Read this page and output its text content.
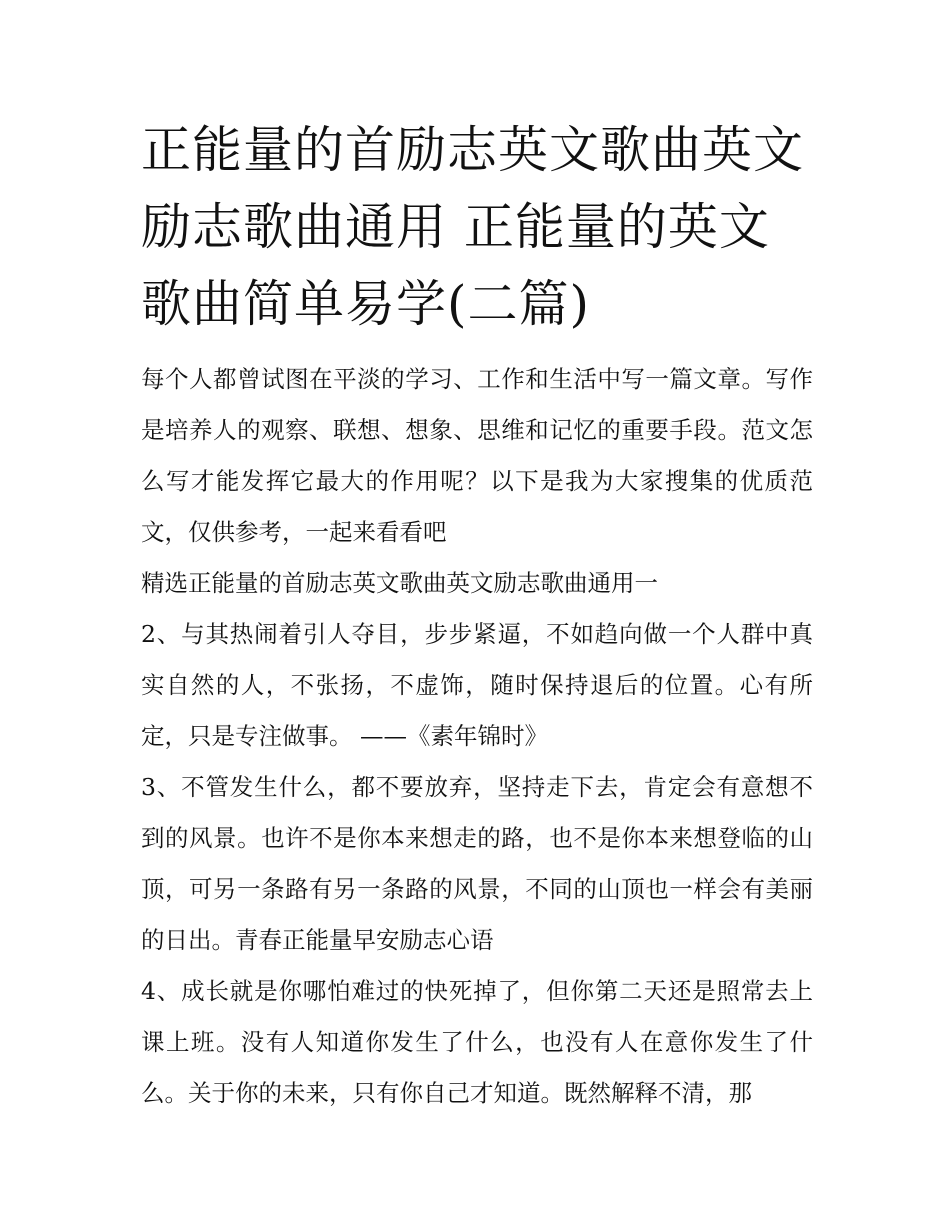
正能量的首励志英文歌曲英文励志歌曲通用 正能量的英文歌曲简单易学(二篇)

每个人都曾试图在平淡的学习、工作和生活中写一篇文章。写作是培养人的观察、联想、想象、思维和记忆的重要手段。范文怎么写才能发挥它最大的作用呢？以下是我为大家搜集的优质范文，仅供参考，一起来看看吧

精选正能量的首励志英文歌曲英文励志歌曲通用一

2、与其热闹着引人夺目，步步紧逼，不如趋向做一个人群中真实自然的人，不张扬，不虚饰，随时保持退后的位置。心有所定，只是专注做事。 ——《素年锦时》

3、不管发生什么，都不要放弃，坚持走下去，肯定会有意想不到的风景。也许不是你本来想走的路，也不是你本来想登临的山顶，可另一条路有另一条路的风景，不同的山顶也一样会有美丽的日出。青春正能量早安励志心语

4、成长就是你哪怕难过的快死掉了，但你第二天还是照常去上课上班。没有人知道你发生了什么，也没有人在意你发生了什么。关于你的未来，只有你自己才知道。既然解释不清，那
